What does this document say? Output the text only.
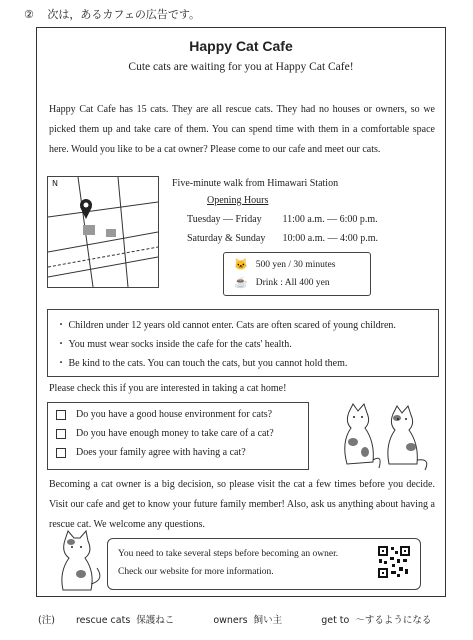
② 次は，あるカフェの広告です。
Happy Cat Cafe
Cute cats are waiting for you at Happy Cat Cafe!
Happy Cat Cafe has 15 cats. They are all rescue cats. They had no houses or owners, so we picked them up and take care of them. You can spend time with them in a comfortable space here. Would you like to be a cat owner? Please come to our cafe and meet our cats.
N	Five-minute walk from Himawari Station
Opening Hours
Tuesday — Friday 11:00 a.m. — 6:00 p.m.
Saturday & Sunday 10:00 a.m. — 4:00 p.m.
🐱 500 yen / 30 minutes
☕ Drink : All 400 yen
・ Children under 12 years old cannot enter. Cats are often scared of young children.
・ You must wear socks inside the cafe for the cats' health.
・ Be kind to the cats. You can touch the cats, but you cannot hold them.
Please check this if you are interested in taking a cat home!
Do you have a good house environment for cats?
Do you have enough money to take care of a cat?
Does your family agree with having a cat?
Becoming a cat owner is a big decision, so please visit the cat a few times before you decide. Visit our cafe and get to know your future family member! Also, ask us anything about having a rescue cat. We welcome any questions.
You need to take several steps before becoming an owner.
Check our website for more information.
(注) rescue cats 保護ねこ	owners 飼い主	get to ～するようになる
